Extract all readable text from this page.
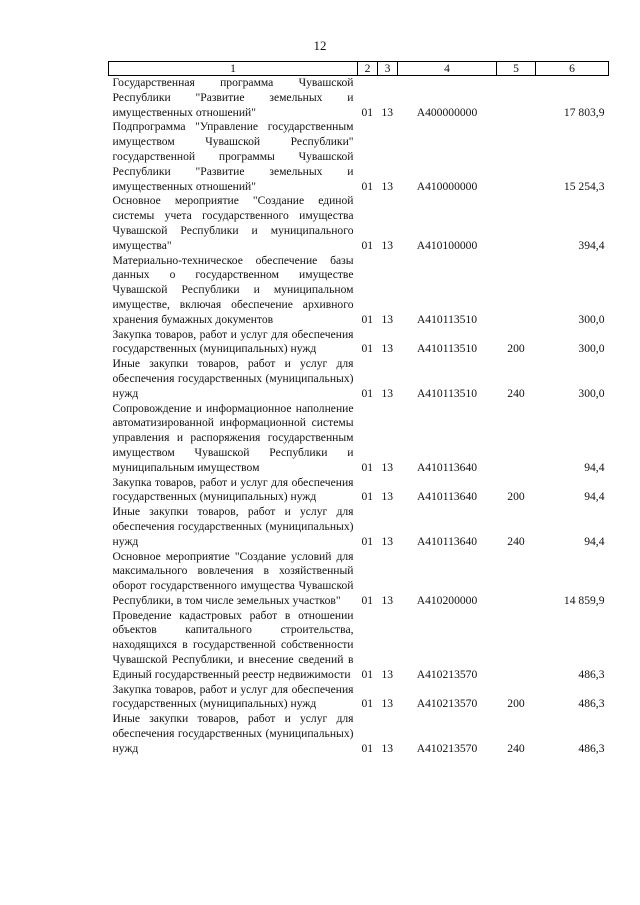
12
1	2	3	4	5	6
Государственная программа Чувашской Республики "Развитие земельных и имущественных отношений"	01	13	А400000000		17 803,9
Подпрограмма "Управление государственным имуществом Чувашской Республики" государственной программы Чувашской Республики "Развитие земельных и имущественных отношений"	01	13	А410000000		15 254,3
Основное мероприятие "Создание единой системы учета государственного имущества Чувашской Республики и муниципального имущества"	01	13	А410100000		394,4
Материально-техническое обеспечение базы данных о государственном имуществе Чувашской Республики и муниципальном имуществе, включая обеспечение архивного хранения бумажных документов	01	13	А410113510		300,0
Закупка товаров, работ и услуг для обеспечения государственных (муниципальных) нужд	01	13	А410113510	200	300,0
Иные закупки товаров, работ и услуг для обеспечения государственных (муниципальных) нужд	01	13	А410113510	240	300,0
Сопровождение и информационное наполнение автоматизированной информационной системы управления и распоряжения государственным имуществом Чувашской Республики и муниципальным имуществом	01	13	А410113640		94,4
Закупка товаров, работ и услуг для обеспечения государственных (муниципальных) нужд	01	13	А410113640	200	94,4
Иные закупки товаров, работ и услуг для обеспечения государственных (муниципальных) нужд	01	13	А410113640	240	94,4
Основное мероприятие "Создание условий для максимального вовлечения в хозяйственный оборот государственного имущества Чувашской Республики, в том числе земельных участков"	01	13	А410200000		14 859,9
Проведение кадастровых работ в отношении объектов капитального строительства, находящихся в государственной собственности Чувашской Республики, и внесение сведений в Единый государственный реестр недвижимости	01	13	А410213570		486,3
Закупка товаров, работ и услуг для обеспечения государственных (муниципальных) нужд	01	13	А410213570	200	486,3
Иные закупки товаров, работ и услуг для обеспечения государственных (муниципальных) нужд	01	13	А410213570	240	486,3
